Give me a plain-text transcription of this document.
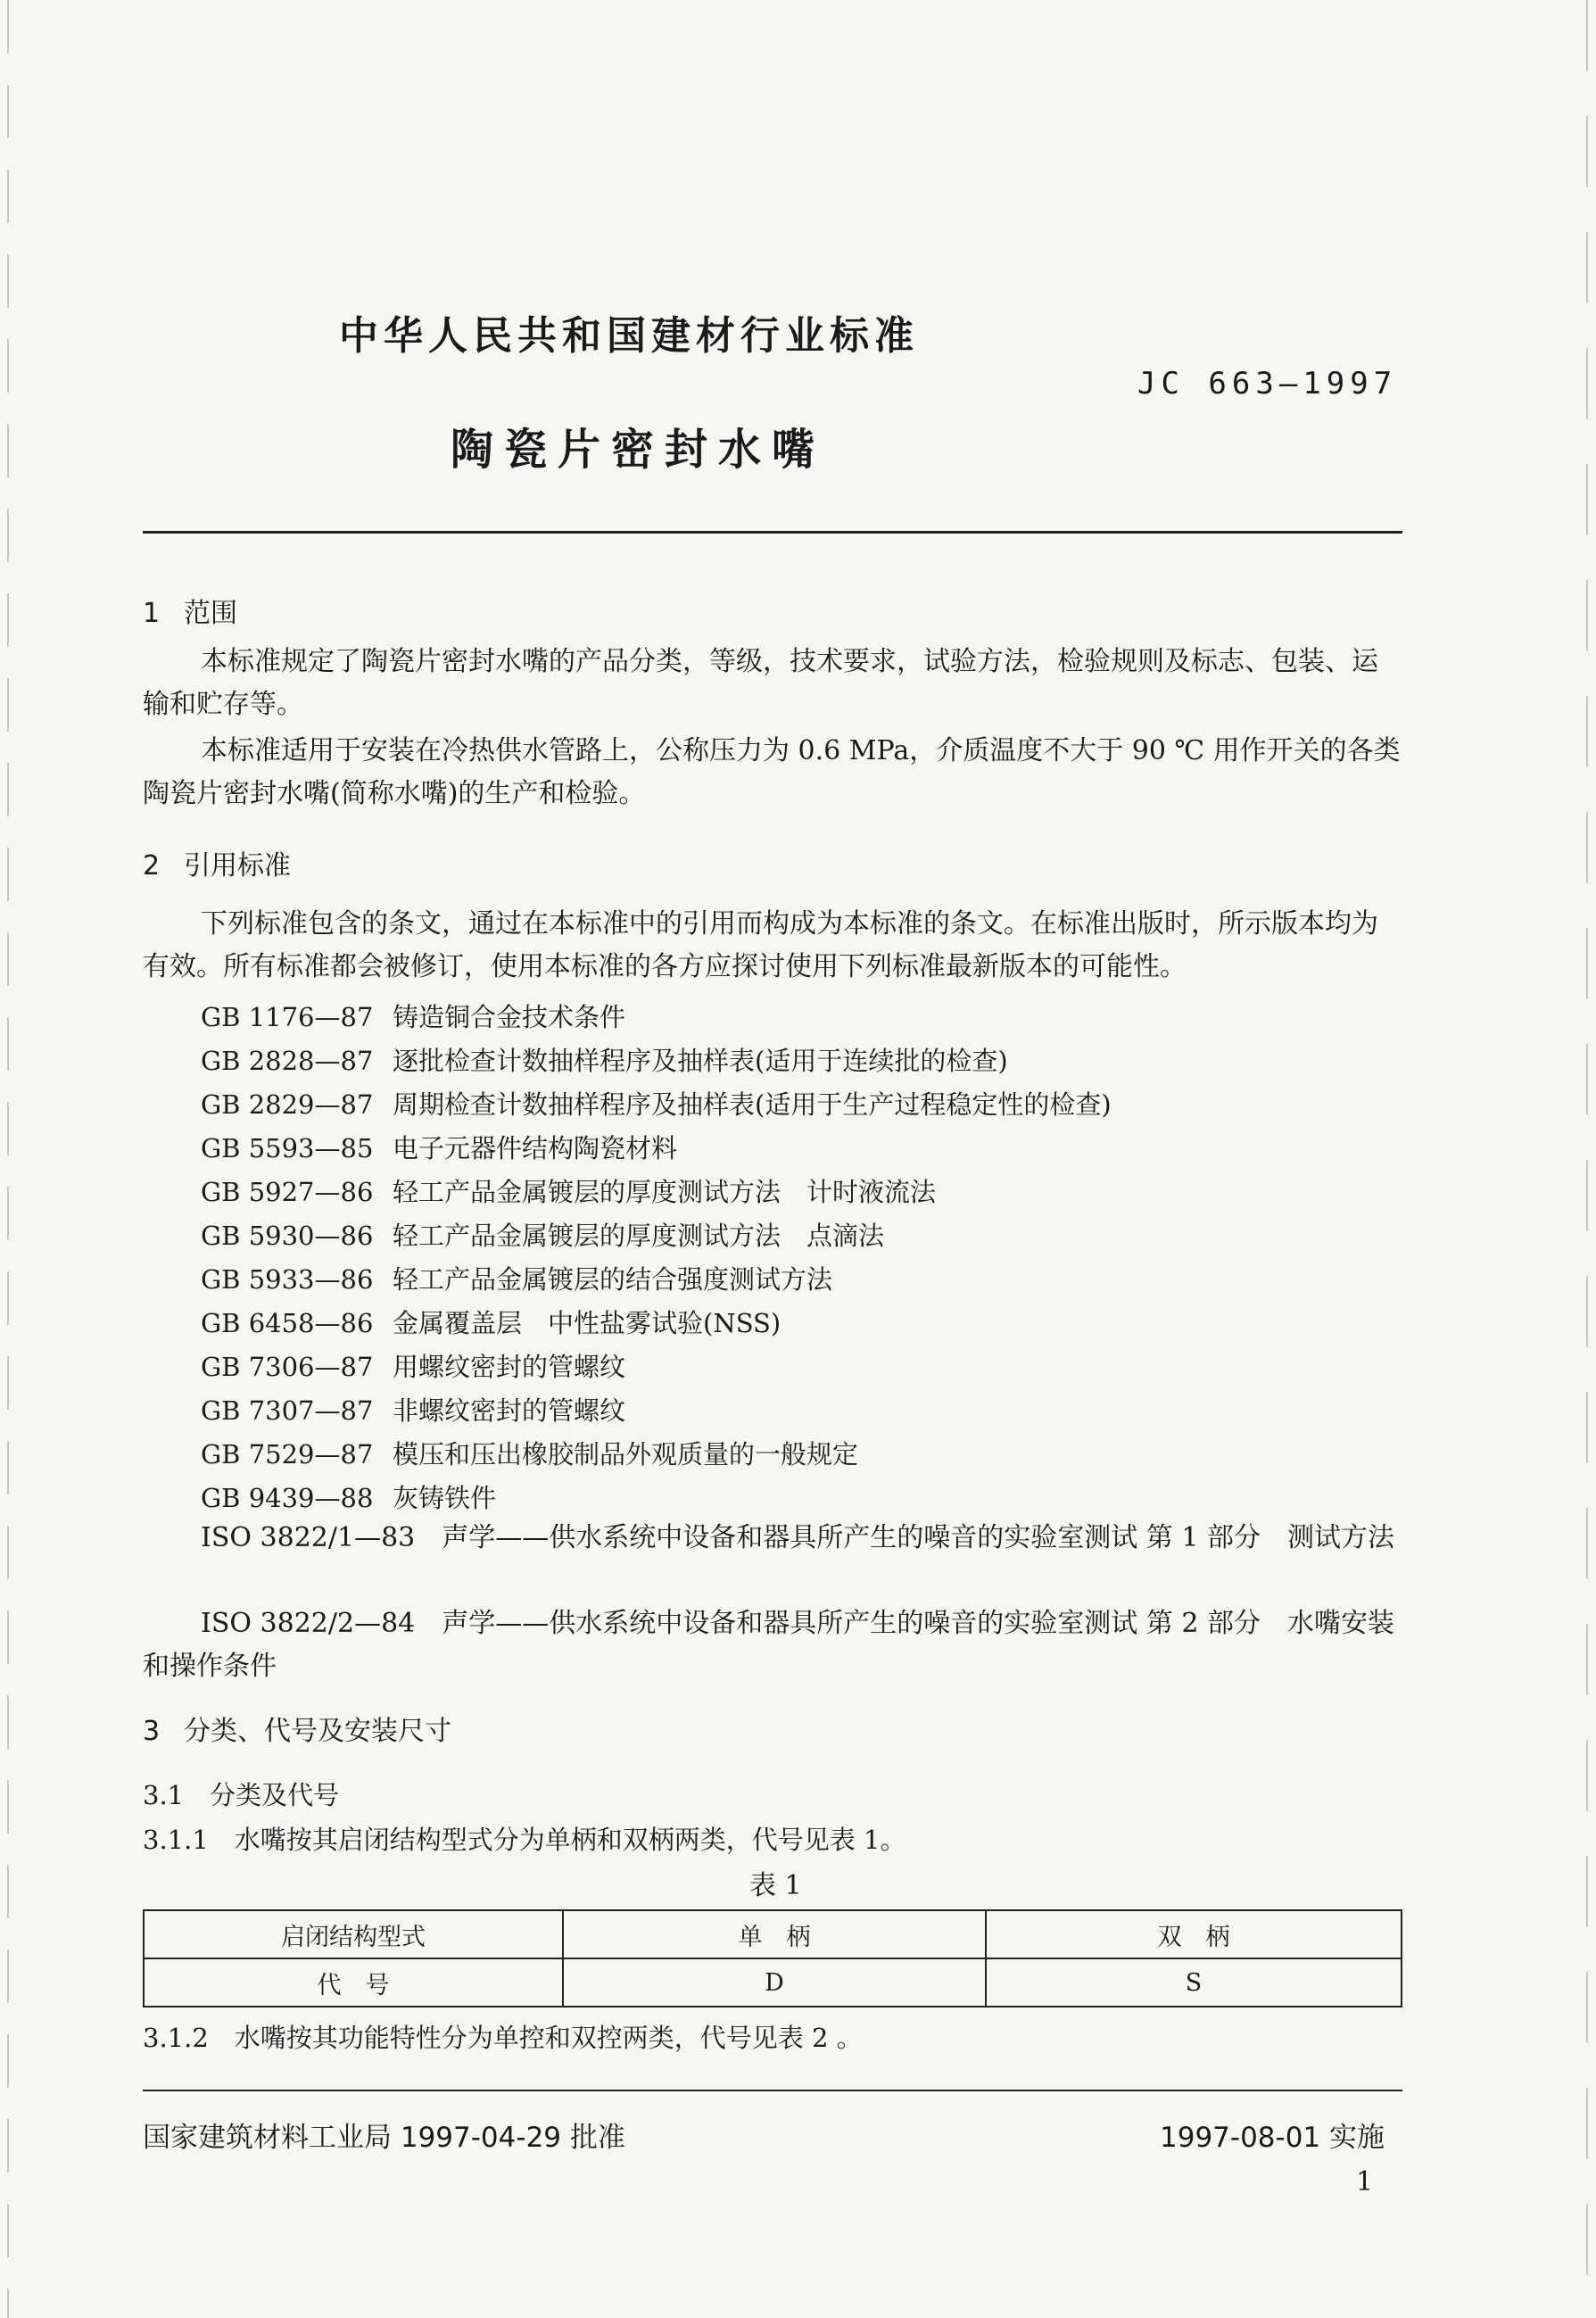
中华人民共和国建材行业标准
JC 663—1997
陶瓷片密封水嘴
1 范围
本标准规定了陶瓷片密封水嘴的产品分类，等级，技术要求，试验方法，检验规则及标志、包装、运输和贮存等。
本标准适用于安装在冷热供水管路上，公称压力为 0.6 MPa，介质温度不大于 90 ℃ 用作开关的各类陶瓷片密封水嘴(简称水嘴)的生产和检验。
2 引用标准
下列标准包含的条文，通过在本标准中的引用而构成为本标准的条文。在标准出版时，所示版本均为有效。所有标准都会被修订，使用本标准的各方应探讨使用下列标准最新版本的可能性。
GB 1176—87 铸造铜合金技术条件
GB 2828—87 逐批检查计数抽样程序及抽样表(适用于连续批的检查)
GB 2829—87 周期检查计数抽样程序及抽样表(适用于生产过程稳定性的检查)
GB 5593—85 电子元器件结构陶瓷材料
GB 5927—86 轻工产品金属镀层的厚度测试方法　计时液流法
GB 5930—86 轻工产品金属镀层的厚度测试方法　点滴法
GB 5933—86 轻工产品金属镀层的结合强度测试方法
GB 6458—86 金属覆盖层　中性盐雾试验(NSS)
GB 7306—87 用螺纹密封的管螺纹
GB 7307—87 非螺纹密封的管螺纹
GB 7529—87 模压和压出橡胶制品外观质量的一般规定
GB 9439—88 灰铸铁件
ISO 3822/1—83　声学——供水系统中设备和器具所产生的噪音的实验室测试 第 1 部分　测试方法
ISO 3822/2—84　声学——供水系统中设备和器具所产生的噪音的实验室测试 第 2 部分　水嘴安装和操作条件
3 分类、代号及安装尺寸
3.1　分类及代号
3.1.1　水嘴按其启闭结构型式分为单柄和双柄两类，代号见表 1。
表 1
启闭结构型式	单　柄	双　柄
代　号	D	S
3.1.2　水嘴按其功能特性分为单控和双控两类，代号见表 2 。
国家建筑材料工业局 1997-04-29 批准	1997-08-01 实施
1
